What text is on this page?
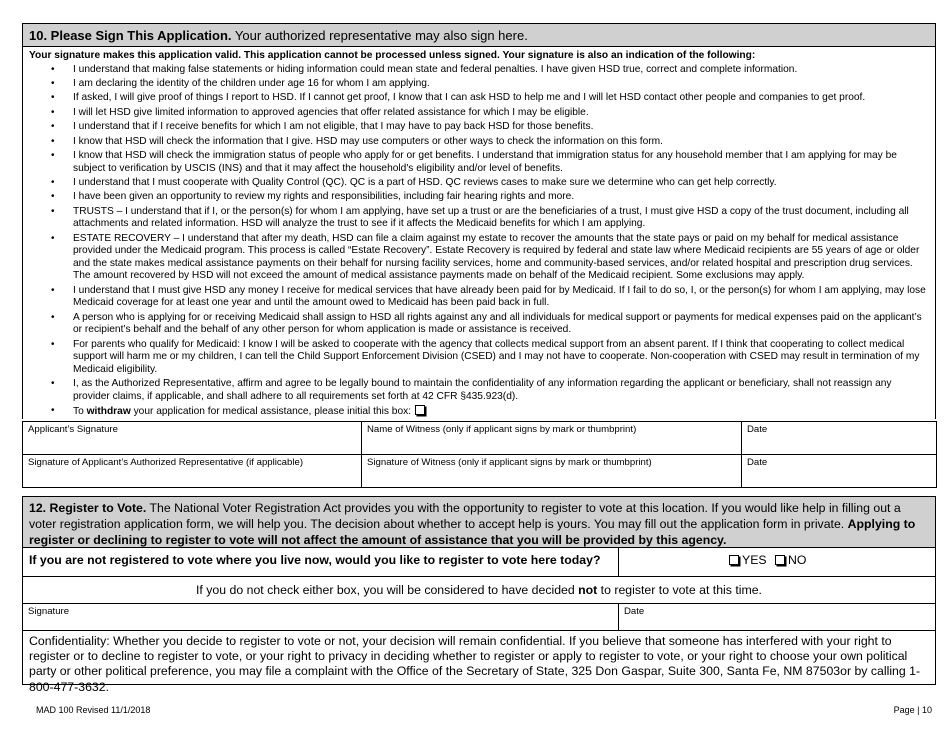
10. Please Sign This Application. Your authorized representative may also sign here.
Your signature makes this application valid. This application cannot be processed unless signed. Your signature is also an indication of the following:
• I understand that making false statements or hiding information could mean state and federal penalties. I have given HSD true, correct and complete information.
• I am declaring the identity of the children under age 16 for whom I am applying.
• If asked, I will give proof of things I report to HSD. If I cannot get proof, I know that I can ask HSD to help me and I will let HSD contact other people and companies to get proof.
• I will let HSD give limited information to approved agencies that offer related assistance for which I may be eligible.
• I understand that if I receive benefits for which I am not eligible, that I may have to pay back HSD for those benefits.
• I know that HSD will check the information that I give. HSD may use computers or other ways to check the information on this form.
• I know that HSD will check the immigration status of people who apply for or get benefits. I understand that immigration status for any household member that I am applying for may be subject to verification by USCIS (INS) and that it may affect the household's eligibility and/or level of benefits.
• I understand that I must cooperate with Quality Control (QC). QC is a part of HSD. QC reviews cases to make sure we determine who can get help correctly.
• I have been given an opportunity to review my rights and responsibilities, including fair hearing rights and more.
• TRUSTS – I understand that if I, or the person(s) for whom I am applying, have set up a trust or are the beneficiaries of a trust, I must give HSD a copy of the trust document, including all attachments and related information. HSD will analyze the trust to see if it affects the Medicaid benefits for which I am applying.
• ESTATE RECOVERY – I understand that after my death, HSD can file a claim against my estate to recover the amounts that the state pays or paid on my behalf for medical assistance provided under the Medicaid program. This process is called “Estate Recovery”. Estate Recovery is required by federal and state law where Medicaid recipients are 55 years of age or older and the state makes medical assistance payments on their behalf for nursing facility services, home and community-based services, and/or related hospital and prescription drug services. The amount recovered by HSD will not exceed the amount of medical assistance payments made on behalf of the Medicaid recipient. Some exclusions may apply.
• I understand that I must give HSD any money I receive for medical services that have already been paid for by Medicaid. If I fail to do so, I, or the person(s) for whom I am applying, may lose Medicaid coverage for at least one year and until the amount owed to Medicaid has been paid back in full.
• A person who is applying for or receiving Medicaid shall assign to HSD all rights against any and all individuals for medical support or payments for medical expenses paid on the applicant’s or recipient’s behalf and the behalf of any other person for whom application is made or assistance is received.
• For parents who qualify for Medicaid: I know I will be asked to cooperate with the agency that collects medical support from an absent parent. If I think that cooperating to collect medical support will harm me or my children, I can tell the Child Support Enforcement Division (CSED) and I may not have to cooperate. Non-cooperation with CSED may result in termination of my Medicaid eligibility.
• I, as the Authorized Representative, affirm and agree to be legally bound to maintain the confidentiality of any information regarding the applicant or beneficiary, shall not reassign any provider claims, if applicable, and shall adhere to all requirements set forth at 42 CFR §435.923(d).
• To withdraw your application for medical assistance, please initial this box:
Applicant’s Signature	Name of Witness (only if applicant signs by mark or thumbprint)	Date
Signature of Applicant’s Authorized Representative (if applicable)	Signature of Witness (only if applicant signs by mark or thumbprint)	Date
12. Register to Vote. The National Voter Registration Act provides you with the opportunity to register to vote at this location. If you would like help in filling out a voter registration application form, we will help you. The decision about whether to accept help is yours. You may fill out the application form in private. Applying to register or declining to register to vote will not affect the amount of assistance that you will be provided by this agency.
If you are not registered to vote where you live now, would you like to register to vote here today?	YES NO
If you do not check either box, you will be considered to have decided not to register to vote at this time.
Signature	Date
Confidentiality: Whether you decide to register to vote or not, your decision will remain confidential. If you believe that someone has interfered with your right to register or to decline to register to vote, or your right to privacy in deciding whether to register or apply to register to vote, or your right to choose your own political party or other political preference, you may file a complaint with the Office of the Secretary of State, 325 Don Gaspar, Suite 300, Santa Fe, NM 87503or by calling 1-800-477-3632.
MAD 100 Revised 11/1/2018	Page | 10
